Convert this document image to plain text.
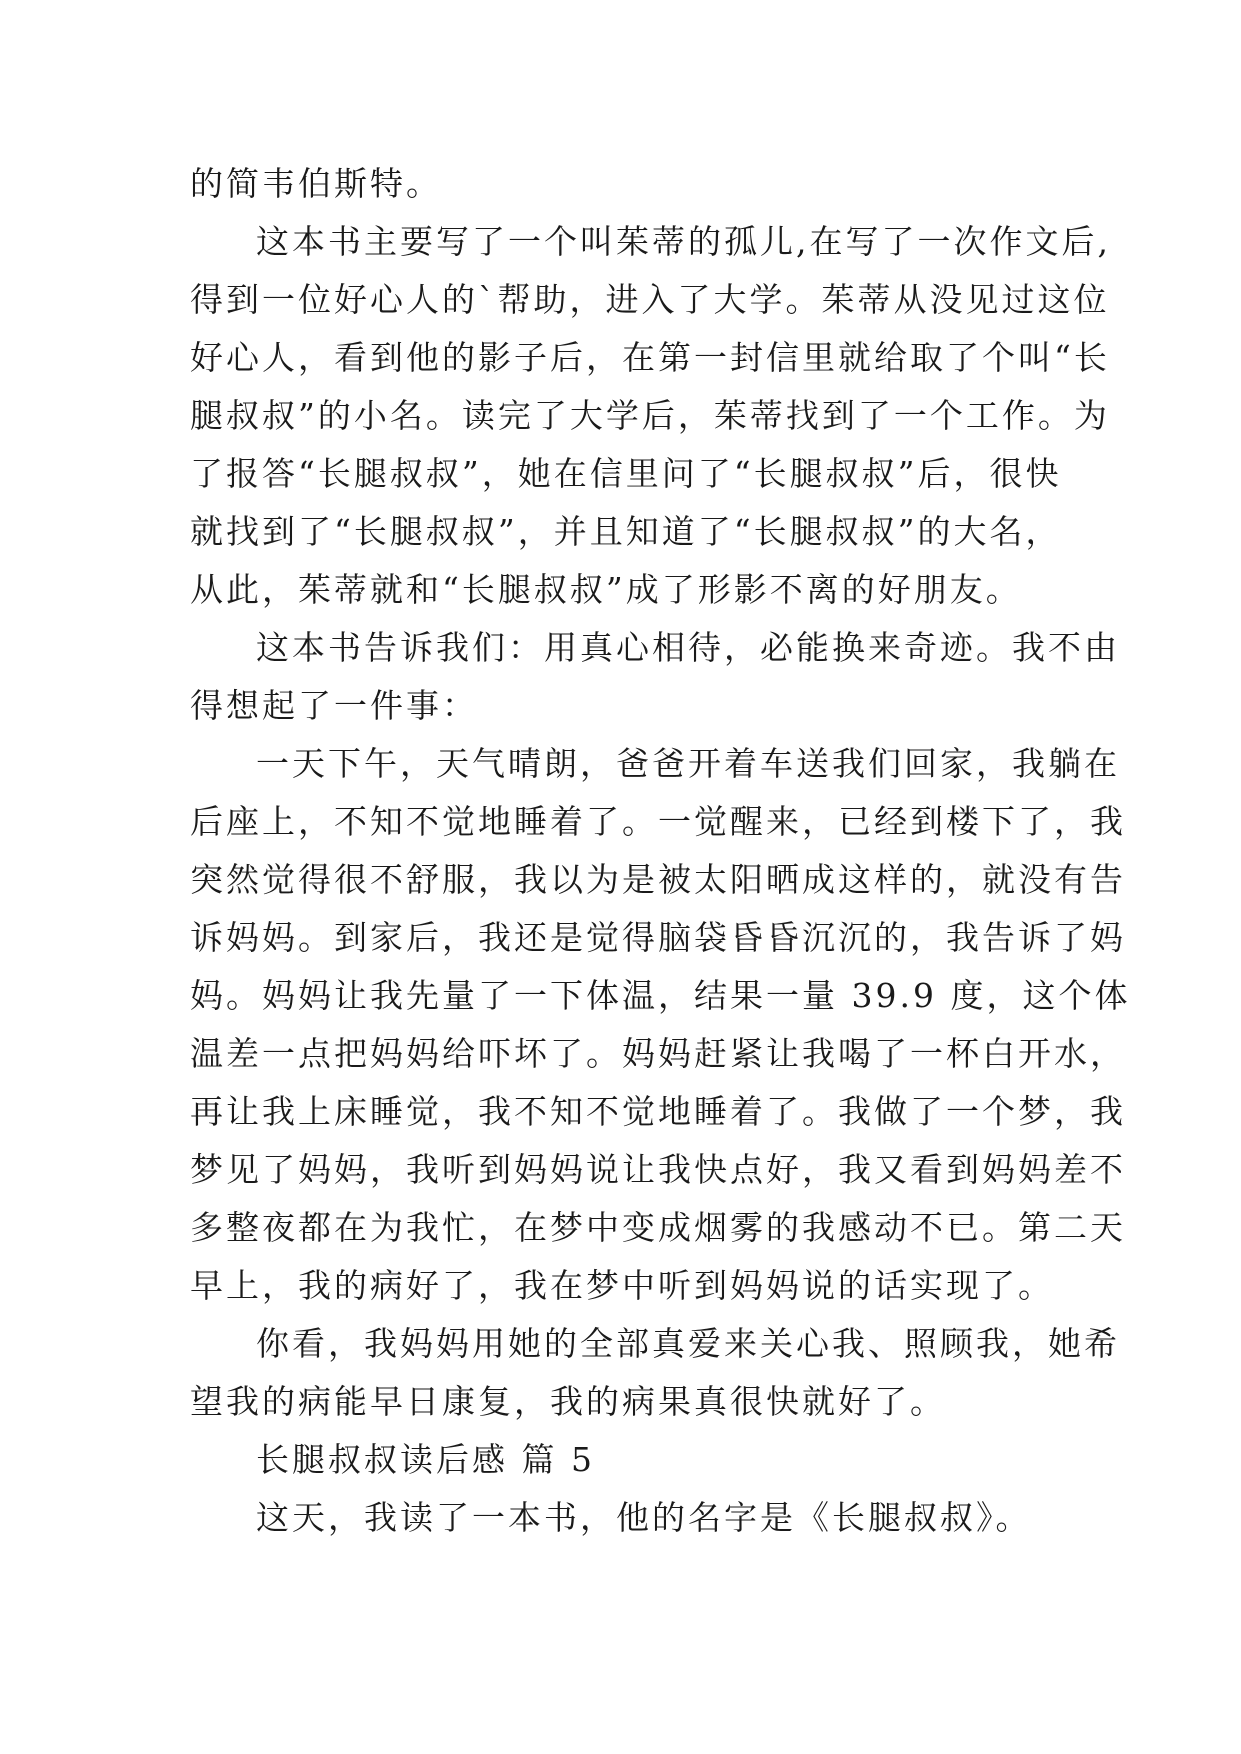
的简韦伯斯特。
这本书主要写了一个叫茱蒂的孤儿,在写了一次作文后,
得到一位好心人的`帮助，进入了大学。茱蒂从没见过这位
好心人，看到他的影子后，在第一封信里就给取了个叫“长
腿叔叔”的小名。读完了大学后，茱蒂找到了一个工作。为
了报答“长腿叔叔”，她在信里问了“长腿叔叔”后，很快
就找到了“长腿叔叔”，并且知道了“长腿叔叔”的大名，
从此，茱蒂就和“长腿叔叔”成了形影不离的好朋友。
这本书告诉我们：用真心相待，必能换来奇迹。我不由
得想起了一件事：
一天下午，天气晴朗，爸爸开着车送我们回家，我躺在
后座上，不知不觉地睡着了。一觉醒来，已经到楼下了，我
突然觉得很不舒服，我以为是被太阳晒成这样的，就没有告
诉妈妈。到家后，我还是觉得脑袋昏昏沉沉的，我告诉了妈
妈。妈妈让我先量了一下体温，结果一量 39.9 度，这个体
温差一点把妈妈给吓坏了。妈妈赶紧让我喝了一杯白开水，
再让我上床睡觉，我不知不觉地睡着了。我做了一个梦，我
梦见了妈妈，我听到妈妈说让我快点好，我又看到妈妈差不
多整夜都在为我忙，在梦中变成烟雾的我感动不已。第二天
早上，我的病好了，我在梦中听到妈妈说的话实现了。
你看，我妈妈用她的全部真爱来关心我、照顾我，她希
望我的病能早日康复，我的病果真很快就好了。
长腿叔叔读后感 篇 5
这天，我读了一本书，他的名字是《长腿叔叔》。
